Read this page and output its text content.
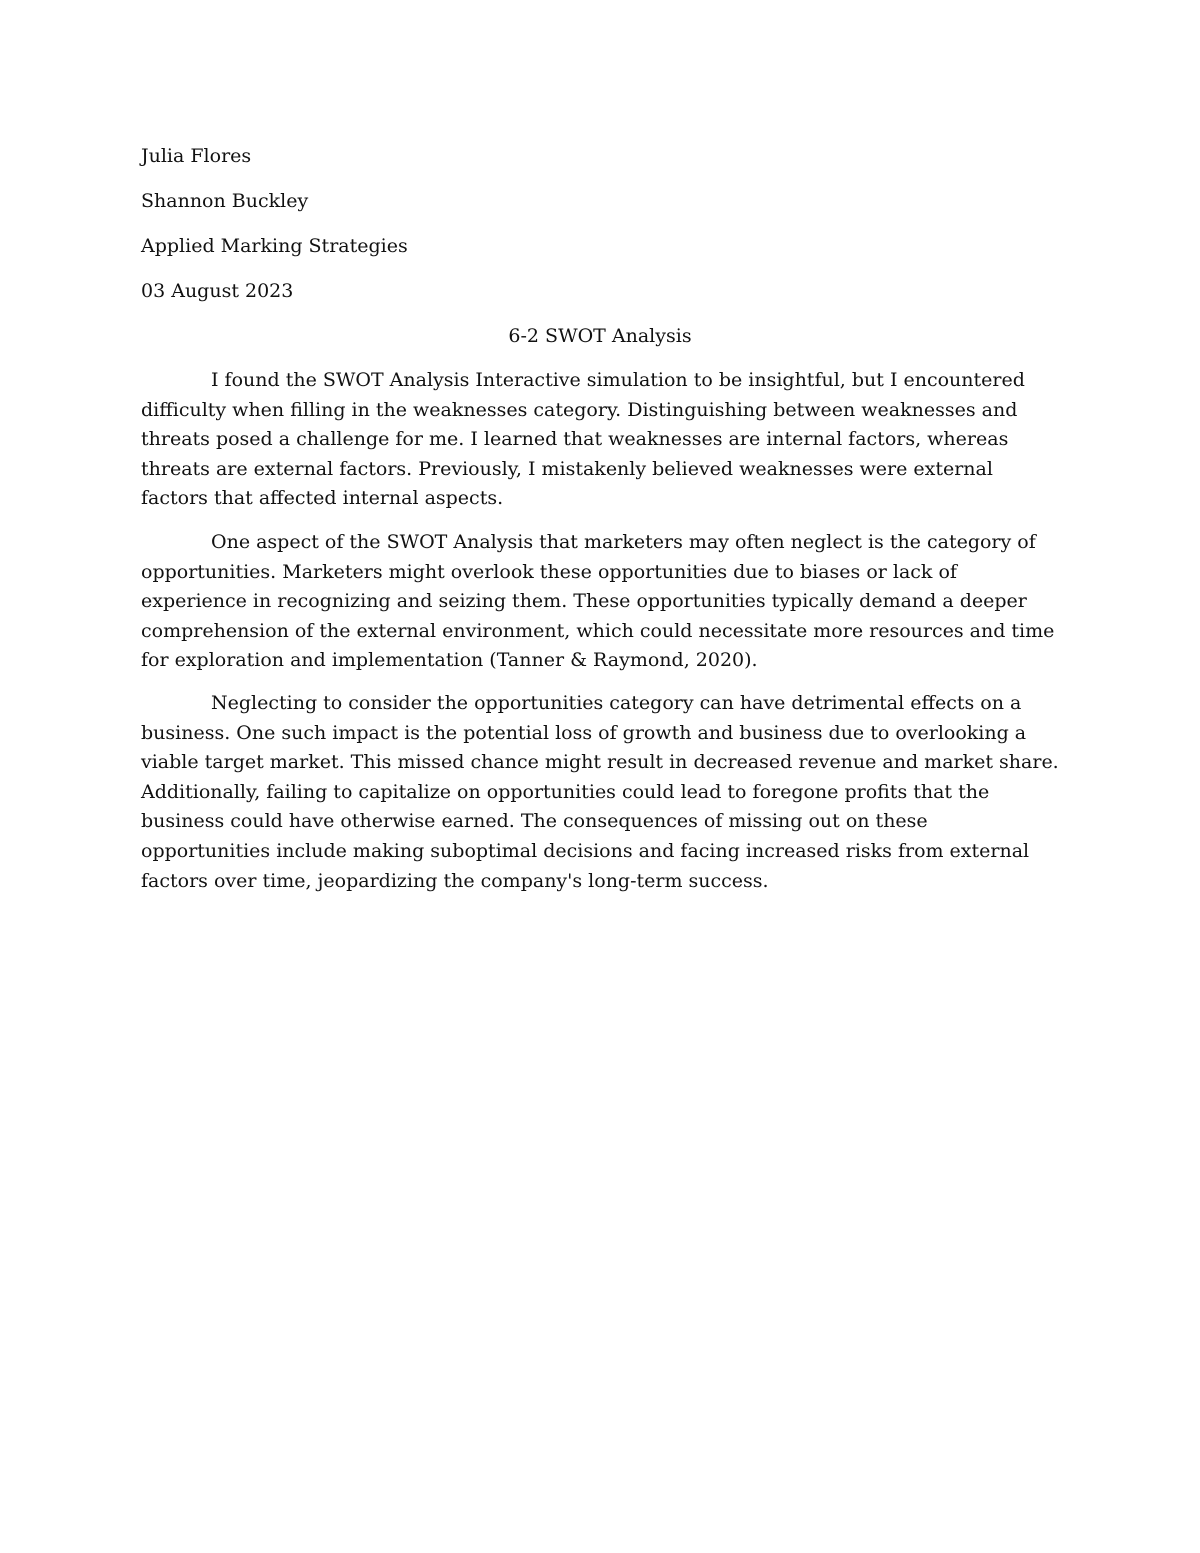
Julia Flores
Shannon Buckley
Applied Marking Strategies
03 August 2023
6-2 SWOT Analysis

I found the SWOT Analysis Interactive simulation to be insightful, but I encountered difficulty when filling in the weaknesses category. Distinguishing between weaknesses and threats posed a challenge for me. I learned that weaknesses are internal factors, whereas threats are external factors. Previously, I mistakenly believed weaknesses were external factors that affected internal aspects.

One aspect of the SWOT Analysis that marketers may often neglect is the category of opportunities. Marketers might overlook these opportunities due to biases or lack of experience in recognizing and seizing them. These opportunities typically demand a deeper comprehension of the external environment, which could necessitate more resources and time for exploration and implementation (Tanner & Raymond, 2020).

Neglecting to consider the opportunities category can have detrimental effects on a business. One such impact is the potential loss of growth and business due to overlooking a viable target market. This missed chance might result in decreased revenue and market share. Additionally, failing to capitalize on opportunities could lead to foregone profits that the business could have otherwise earned. The consequences of missing out on these opportunities include making suboptimal decisions and facing increased risks from external factors over time, jeopardizing the company's long-term success.
